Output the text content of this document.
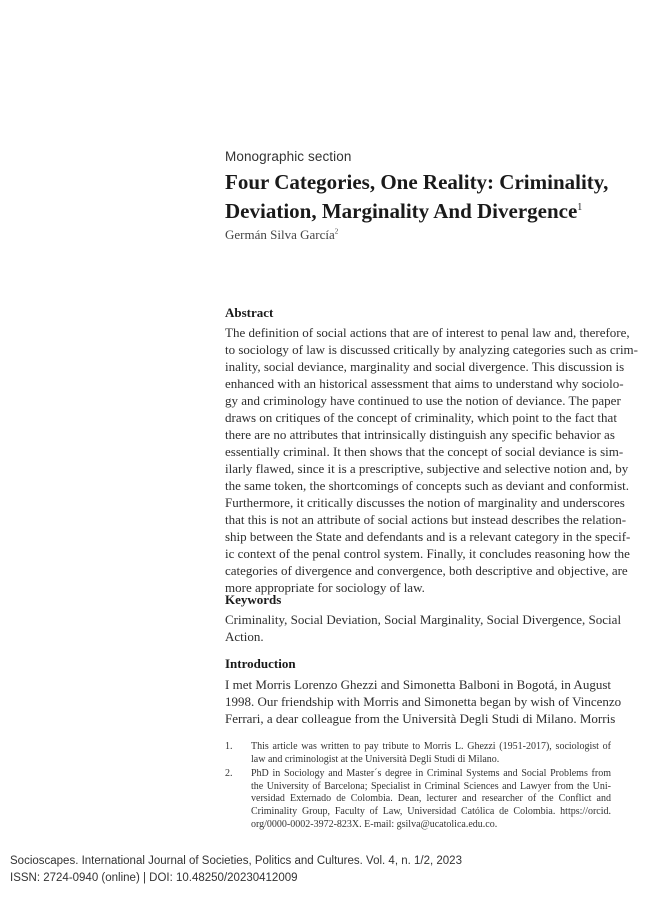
Monographic section
Four Categories, One Reality: Criminality,
Deviation, Marginality And Divergence$^1$
Germán Silva García$^2$
Abstract
The definition of social actions that are of interest to penal law and, therefore,
to sociology of law is discussed critically by analyzing categories such as crim-
inality, social deviance, marginality and social divergence. This discussion is
enhanced with an historical assessment that aims to understand why sociolo-
gy and criminology have continued to use the notion of deviance. The paper
draws on critiques of the concept of criminality, which point to the fact that
there are no attributes that intrinsically distinguish any specific behavior as
essentially criminal. It then shows that the concept of social deviance is sim-
ilarly flawed, since it is a prescriptive, subjective and selective notion and, by
the same token, the shortcomings of concepts such as deviant and conformist.
Furthermore, it critically discusses the notion of marginality and underscores
that this is not an attribute of social actions but instead describes the relation-
ship between the State and defendants and is a relevant category in the specif-
ic context of the penal control system. Finally, it concludes reasoning how the
categories of divergence and convergence, both descriptive and objective, are
more appropriate for sociology of law.
Keywords
Criminality, Social Deviation, Social Marginality, Social Divergence, Social
Action.
Introduction
I met Morris Lorenzo Ghezzi and Simonetta Balboni in Bogotá, in August
1998. Our friendship with Morris and Simonetta began by wish of Vincenzo
Ferrari, a dear colleague from the Università Degli Studi di Milano. Morris
1. This article was written to pay tribute to Morris L. Ghezzi (1951-2017), sociologist of
law and criminologist at the Università Degli Studi di Milano.
2. PhD in Sociology and Master´s degree in Criminal Systems and Social Problems from
the University of Barcelona; Specialist in Criminal Sciences and Lawyer from the Uni-
versidad Externado de Colombia. Dean, lecturer and researcher of the Conflict and
Criminality Group, Faculty of Law, Universidad Católica de Colombia. https://orcid.
org/0000-0002-3972-823X. E-mail: gsilva@ucatolica.edu.co.
Socioscapes. International Journal of Societies, Politics and Cultures. Vol. 4, n. 1/2, 2023
ISSN: 2724-0940 (online) | DOI: 10.48250/20230412009
